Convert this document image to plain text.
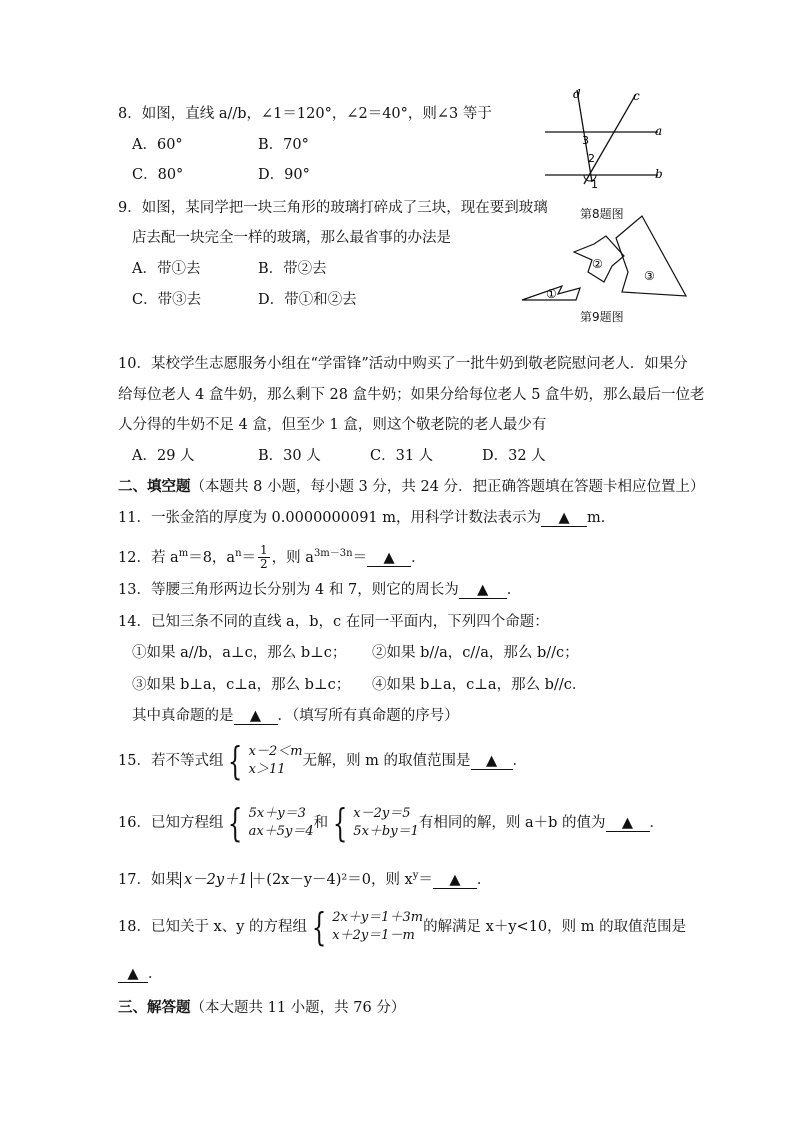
8．如图，直线 a//b，∠1＝120°，∠2＝40°，则∠3 等于
A．60°	B．70°
C．80°	D．90°
d	c
a
b
1
2
3
第8题图
9．如图，某同学把一块三角形的玻璃打碎成了三块，现在要到玻璃
店去配一块完全一样的玻璃，那么最省事的办法是
A．带①去	B．带②去
C．带③去	D．带①和②去	①
②
③
第9题图
10．某校学生志愿服务小组在“学雷锋”活动中购买了一批牛奶到敬老院慰问老人．如果分
给每位老人 4 盒牛奶，那么剩下 28 盒牛奶；如果分给每位老人 5 盒牛奶，那么最后一位老
人分得的牛奶不足 4 盒，但至少 1 盒，则这个敬老院的老人最少有
A．29 人	B．30 人	C．31 人	D．32 人
二、填空题（本题共 8 小题，每小题 3 分，共 24 分．把正确答题填在答题卡相应位置上）
11．一张金箔的厚度为 0.0000000091 m，用科学计数法表示为 ▲ m．
12．若 $a^m=8$，$a^n= \frac{1}{2}$ ，则 $a^{3m-3n}=$ ▲ ．
13．等腰三角形两边长分别为 4 和 7，则它的周长为 ▲ ．
14．已知三条不同的直线 a，b，c 在同一平面内，下列四个命题：
①如果 a//b，a⊥c，那么 b⊥c； ②如果 b//a，c//a，那么 b//c；
③如果 b⊥a，c⊥a，那么 b⊥c； ④如果 b⊥a，c⊥a，那么 b//c．
其中真命题的是 ▲ ．（填写所有真命题的序号）
15．若不等式组 { x－2＜m
x＞11
无解，则 m 的取值范围是 ▲ ．
16．已知方程组 { 5x＋y＝3
ax＋5y＝4
和 { x－2y＝5
5x＋by＝1
有相同的解，则 a＋b 的值为 ▲ ．
17．如果 x－2y＋1 ＋(2x－y－4)²＝0，则 $x^y=$ ▲ ．
18．已知关于 x、y 的方程组 { 2x＋y＝1＋3m
x＋2y＝1－m
的解满足 x＋y<10，则 m 的取值范围是
▲ ．
三、解答题（本大题共 11 小题，共 76 分）
